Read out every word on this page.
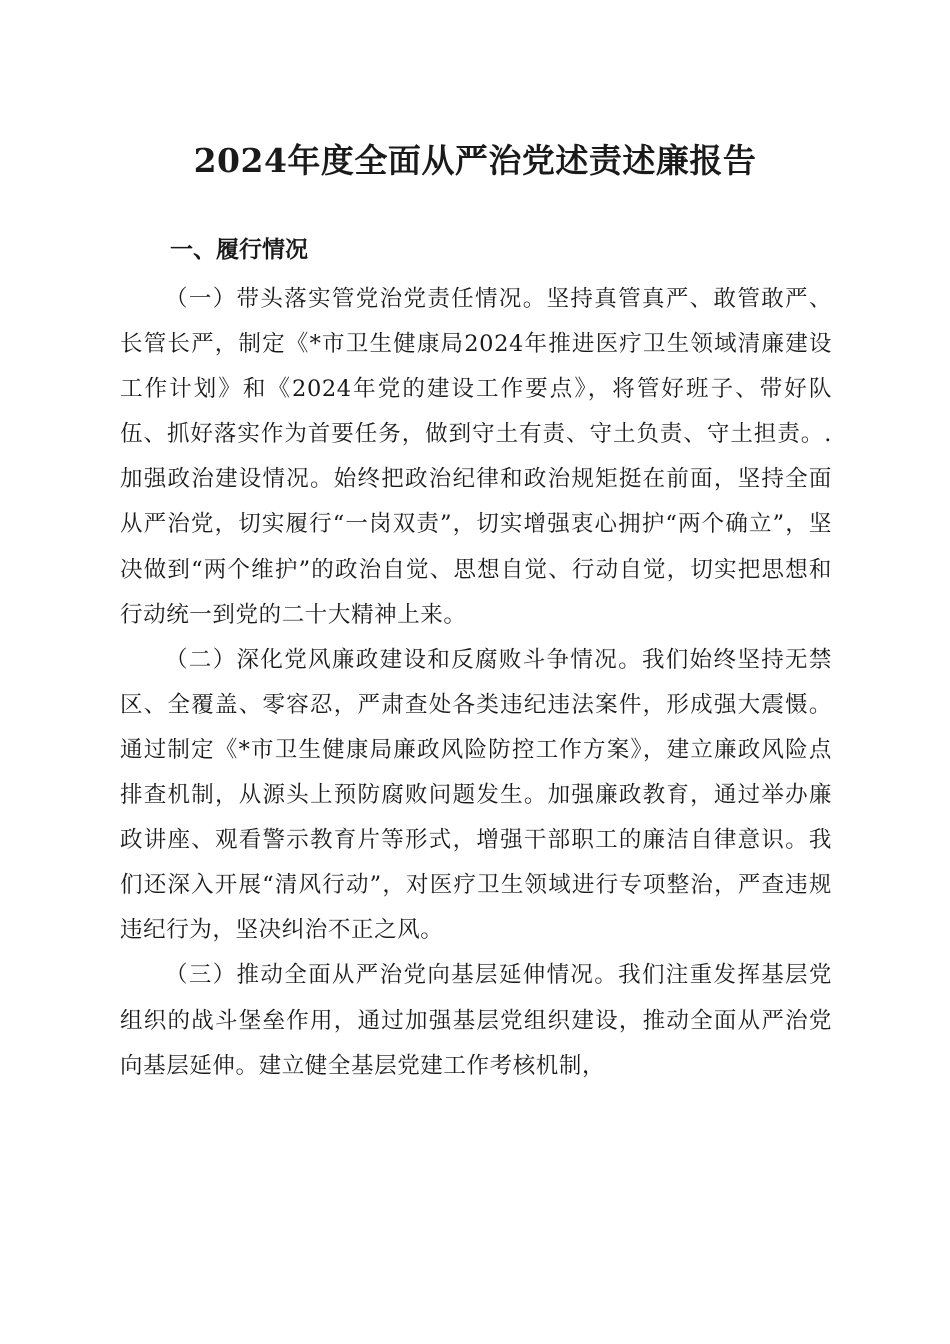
2024年度全面从严治党述责述廉报告
一、履行情况

（一）带头落实管党治党责任情况。坚持真管真严、敢管敢严、长管长严，制定《*市卫生健康局2024年推进医疗卫生领域清廉建设工作计划》和《2024年党的建设工作要点》，将管好班子、带好队伍、抓好落实作为首要任务，做到守土有责、守土负责、守土担责。.加强政治建设情况。始终把政治纪律和政治规矩挺在前面，坚持全面从严治党，切实履行“一岗双责”，切实增强衷心拥护“两个确立”，坚决做到“两个维护”的政治自觉、思想自觉、行动自觉，切实把思想和行动统一到党的二十大精神上来。

（二）深化党风廉政建设和反腐败斗争情况。我们始终坚持无禁区、全覆盖、零容忍，严肃查处各类违纪违法案件，形成强大震慑。通过制定《*市卫生健康局廉政风险防控工作方案》，建立廉政风险点排查机制，从源头上预防腐败问题发生。加强廉政教育，通过举办廉政讲座、观看警示教育片等形式，增强干部职工的廉洁自律意识。我们还深入开展“清风行动”，对医疗卫生领域进行专项整治，严查违规违纪行为，坚决纠治不正之风。

（三）推动全面从严治党向基层延伸情况。我们注重发挥基层党组织的战斗堡垒作用，通过加强基层党组织建设，推动全面从严治党向基层延伸。建立健全基层党建工作考核机制，
